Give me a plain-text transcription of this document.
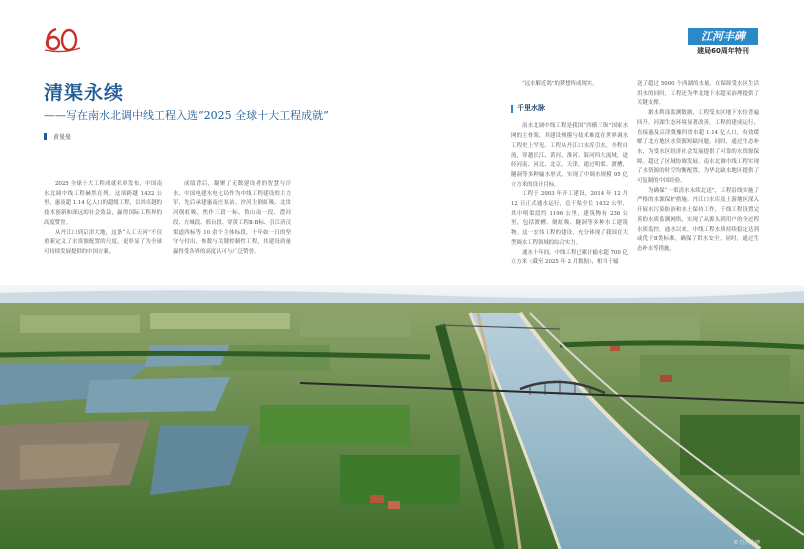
江河丰碑
建局60周年特刊
清渠永续
——写在南水北调中线工程入选“2025 全球十大工程成就”
黄曼曼

2025 全球十大工程成就名单发布，中国南水北调中线工程赫然在列。这项跨越 1432 公里、惠及超 1.14 亿人口的超级工程，以其卓越的技术创新和深远的社会效益，赢得国际工程界的高度赞誉。

从丹江口到京津大地，这条“人工天河”不仅重新定义了水资源配置的尺度，更彰显了为全球可持续发展提供的中国方案。

成绩背后，凝聚了无数建设者的智慧与汗水。中国电建水电七局作为中线工程建设的主力军，先后承建惠南庄泵站、沙河主倒虹吸、北汝河倒虹吸、焦作三段一标、鲁山南一段、澧河段、方城段、邢台段、穿黄工程Ⅱ-B标、引江济汉渠道四标等 10 余个主体标段。十年如一日的坚守与付出，参数与关键控制性工程，其建设质量赢得受各界的高度认可与广泛赞誉。

“远水解近渴”的梦想终成现实。

千里水脉

南水北调中线工程是我国“四横三纵”国家水网的主骨架，其建设规模与技术难度在世界调水工程史上罕见。工程从丹江口水库引水，全程自流，穿越长江、黄河、淮河、海河四大流域，途经河南、河北、北京、天津，通过明渠、渡槽、隧洞等多种输水形式，实现了中调水规模 95 亿立方米的设计目标。

工程于 2003 年开工建设，2014 年 12 月 12 日正式通水运行，总干渠全长 1432 公里，其中明渠段约 1196 公里，建筑物有 236 公里，包括渡槽、倒虹吸、隧洞等多种水工建筑物。这一宏伟工程的建设，充分体现了我国在大型调水工程领域的综合实力。

通水十年间，中线工程已累计输水超 700 亿立方米（截至 2025 年 2 月数据），相当于输

送了超过 5000 个西湖的水量。在保障受水区生活用水的同时，工程还为华北地下水超采治理提供了关键支撑。

据水利部监测数据，工程受水区地下水位普遍回升，河湖生态环境显著改善，工程的建成运行，直接惠及京津冀豫四省市超 1.14 亿人口，有效缓解了北方地区水资源短缺问题，同时，通过生态补水，为受水区经济社会发展提供了可靠的水资源保障。超过了区域协调发展，南水北调中线工程实现了水资源的时空均衡配置，为华北缺水地区提供了可复制的中国经验。

为确保“一渠清水永续北送”，工程沿线实施了严格的水源保护措施。丹江口水库及上游地区深入开展水污染防治和水土保持工作，干线工程设置完善的水质监测网络，实现了从源头到用户的全过程水质监控。通水以来，中线工程水质持续稳定达到或优于Ⅱ类标准，确保了供水安全。同时，通过生态补水等措施，

© 江河丰碑
